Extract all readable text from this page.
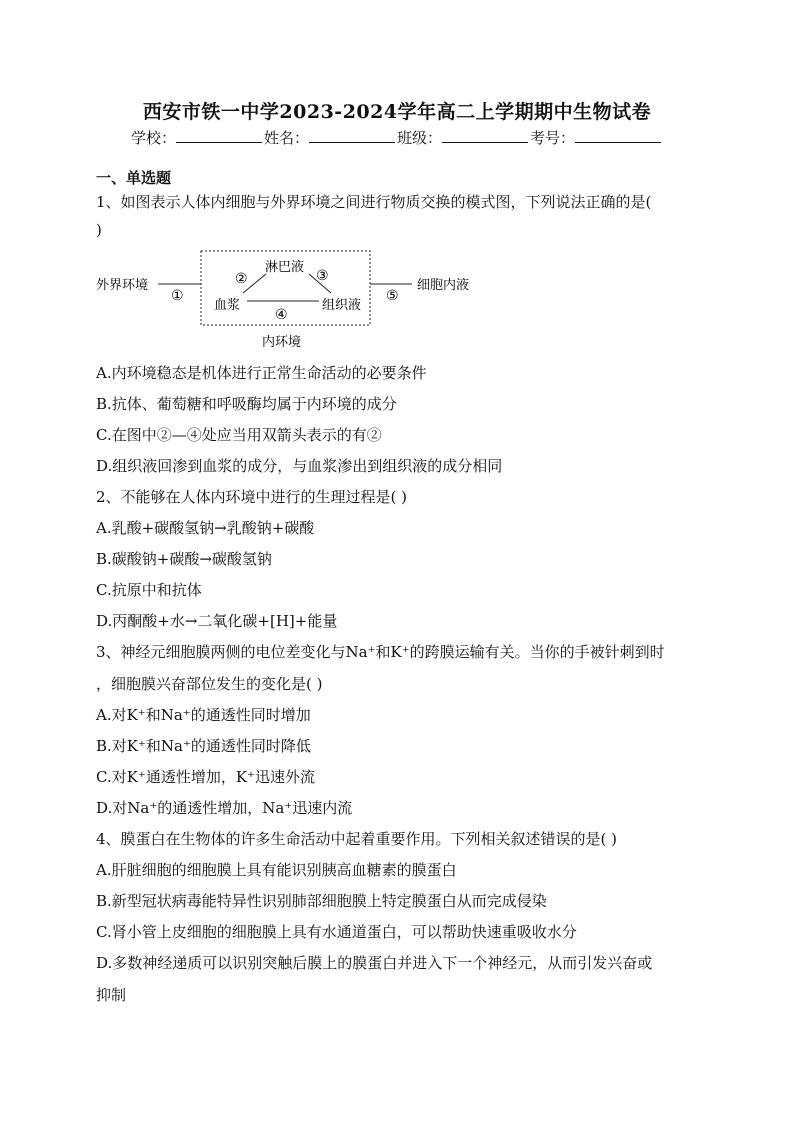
西安市铁一中学2023-2024学年高二上学期期中生物试卷
学校：	姓名：	班级：	考号：
一、单选题
1、如图表示人体内细胞与外界环境之间进行物质交换的模式图，下列说法正确的是(
)
外界环境
淋巴液
血浆	组织液
细胞内液
内环境
①
②	③
④
⑤
A.内环境稳态是机体进行正常生命活动的必要条件
B.抗体、葡萄糖和呼吸酶均属于内环境的成分
C.在图中②—④处应当用双箭头表示的有②
D.组织液回渗到血浆的成分，与血浆渗出到组织液的成分相同
2、不能够在人体内环境中进行的生理过程是( )
A.乳酸+碳酸氢钠→乳酸钠+碳酸
B.碳酸钠+碳酸→碳酸氢钠
C.抗原中和抗体
D.丙酮酸+水→二氧化碳+[H]+能量
3、神经元细胞膜两侧的电位差变化与Na⁺和K⁺的跨膜运输有关。当你的手被针刺到时
，细胞膜兴奋部位发生的变化是( )
A.对K⁺和Na⁺的通透性同时增加
B.对K⁺和Na⁺的通透性同时降低
C.对K⁺通透性增加，K⁺迅速外流
D.对Na⁺的通透性增加，Na⁺迅速内流
4、膜蛋白在生物体的许多生命活动中起着重要作用。下列相关叙述错误的是( )
A.肝脏细胞的细胞膜上具有能识别胰高血糖素的膜蛋白
B.新型冠状病毒能特异性识别肺部细胞膜上特定膜蛋白从而完成侵染
C.肾小管上皮细胞的细胞膜上具有水通道蛋白，可以帮助快速重吸收水分
D.多数神经递质可以识别突触后膜上的膜蛋白并进入下一个神经元，从而引发兴奋或
抑制
